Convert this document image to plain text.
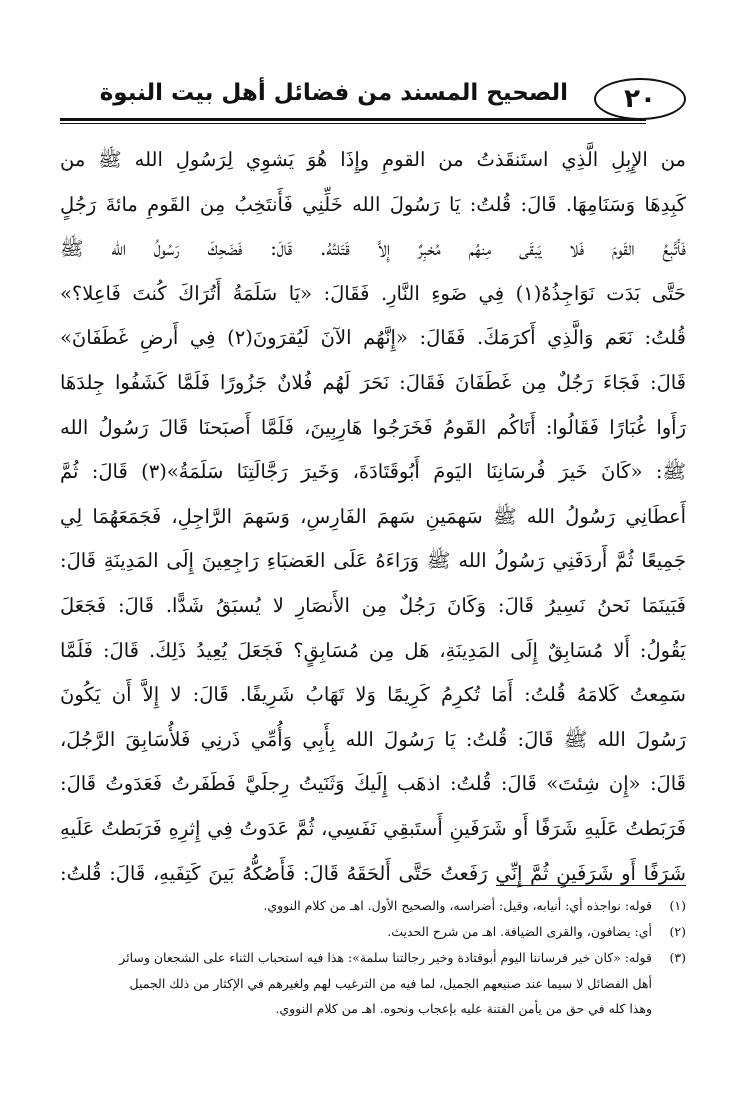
٢٠
الصحيح المسند من فضائل أهل بيت النبوة
من الإِبِلِ الَّذِي استَنقَذتُ من القومِ وإِذَا هُوَ يَشوِي لِرَسُولِ الله ﷺ من
كَبِدِهَا وَسَنَامِهَا. قَالَ: قُلتُ: يَا رَسُولَ الله خَلِّنِي فَأَنتَخِبُ مِن القَومِ مائةَ رَجُلٍ
فَأَتَّبِعُ القَومَ فَلا يَبقَى مِنهُم مُخبِرٌ إِلاَّ قَتَلتُهُ. قَالَ: فَضَحِكَ رَسُولُ الله ﷺ
حَتَّى بَدَت نَوَاجِذُهُ(١) فِي ضَوءِ النَّارِ. فَقَالَ: «يَا سَلَمَةُ أَتُرَاكَ كُنتَ فَاعِلا؟»
قُلتُ: نَعَم وَالَّذِي أَكرَمَكَ. فَقَالَ: «إِنَّهُم الآنَ لَيُقرَونَ(٢) فِي أَرضِ غَطَفَانَ»
قَالَ: فَجَاءَ رَجُلٌ مِن غَطَفَانَ فَقَالَ: نَحَرَ لَهُم فُلانٌ جَزُورًا فَلَمَّا كَشَفُوا جِلدَهَا
رَأَوا غُبَارًا فَقَالُوا: أَتَاكُم القَومُ فَخَرَجُوا هَارِبِينَ، فَلَمَّا أَصبَحنَا قَالَ رَسُولُ الله
ﷺ: «كَانَ خَيرَ فُرسَانِنَا اليَومَ أَبُوقَتَادَةَ، وَخَيرَ رَجَّالَتِنَا سَلَمَةُ»(٣) قَالَ: ثُمَّ
أَعطَانِي رَسُولُ الله ﷺ سَهمَينِ سَهمَ الفَارِسِ، وَسَهمَ الرَّاجِلِ، فَجَمَعَهُمَا لِي
جَمِيعًا ثُمَّ أَردَفَنِي رَسُولُ الله ﷺ وَرَاءَهُ عَلَى العَضبَاءِ رَاجِعِينَ إِلَى المَدِينَةِ قَالَ:
فَبَينَمَا نَحنُ نَسِيرُ قَالَ: وَكَانَ رَجُلٌ مِن الأَنصَارِ لا يُسبَقُ شَدًّا. قَالَ: فَجَعَلَ
يَقُولُ: أَلا مُسَابِقٌ إِلَى المَدِينَةِ، هَل مِن مُسَابِقٍ؟ فَجَعَلَ يُعِيدُ ذَلِكَ. قَالَ: فَلَمَّا
سَمِعتُ كَلامَهُ قُلتُ: أَمَا تُكرِمُ كَرِيمًا وَلا تَهَابُ شَرِيفًا. قَالَ: لا إِلاَّ أَن يَكُونَ
رَسُولَ الله ﷺ قَالَ: قُلتُ: يَا رَسُولَ الله بِأَبِي وَأُمِّي ذَرنِي فَلأُسَابِقَ الرَّجُلَ،
قَالَ: «إِن شِئتَ» قَالَ: قُلتُ: اذهَب إِلَيكَ وَثَنَيتُ رِجلَيَّ فَطَفَرتُ فَعَدَوتُ قَالَ:
فَرَبَطتُ عَلَيهِ شَرَفًا أَو شَرَفَينِ أَستَبقِي نَفَسِي، ثُمَّ عَدَوتُ فِي إِثرِهِ فَرَبَطتُ عَلَيهِ
شَرَفًا أَو شَرَفَينِ ثُمَّ إِنِّي رَفَعتُ حَتَّى أَلحَقَهُ قَالَ: فَأَصُكُّهُ بَينَ كَتِفَيهِ، قَالَ: قُلتُ:
(١)
قوله: نواجذه أي: أنيابه، وقيل: أضراسه، والصحيح الأول. اهـ من كلام النووي.
(٢)
أي: يضافون، والقرى الضيافة. اهـ من شرح الحديث.
(٣)
قوله: «كان خير فرساننا اليوم أبوقتادة وخير رجالتنا سلمة»: هذا فيه استحباب الثناء على الشجعان وسائر
أهل الفضائل لا سيما عند صنيعهم الجميل، لما فيه من الترغيب لهم ولغيرهم في الإكثار من ذلك الجميل
وهذا كله في حق من يأمن الفتنة عليه بإعجاب ونحوه. اهـ من كلام النووي.
